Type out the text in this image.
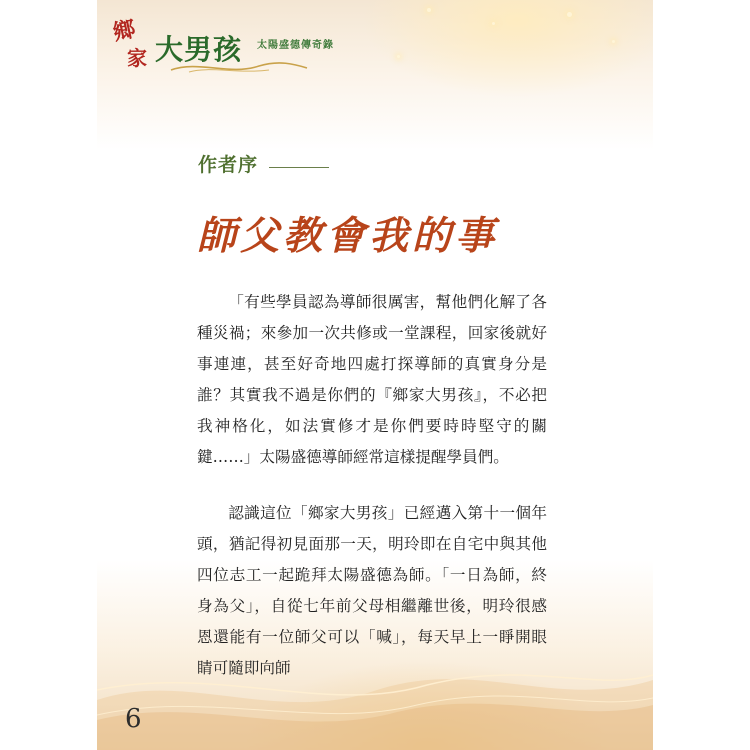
鄉
家 大男孩 太陽盛德傳奇錄
作者序
師父教會我的事

「有些學員認為導師很厲害，幫他們化解了各種災禍；來參加一次共修或一堂課程，回家後就好事連連，甚至好奇地四處打探導師的真實身分是誰？其實我不過是你們的『鄉家大男孩』，不必把我神格化，如法實修才是你們要時時堅守的關鍵……」太陽盛德導師經常這樣提醒學員們。

認識這位「鄉家大男孩」已經邁入第十一個年頭，猶記得初見面那一天，明玲即在自宅中與其他四位志工一起跪拜太陽盛德為師。「一日為師，終身為父」，自從七年前父母相繼離世後，明玲很感恩還能有一位師父可以「喊」，每天早上一睜開眼睛可隨即向師

6
